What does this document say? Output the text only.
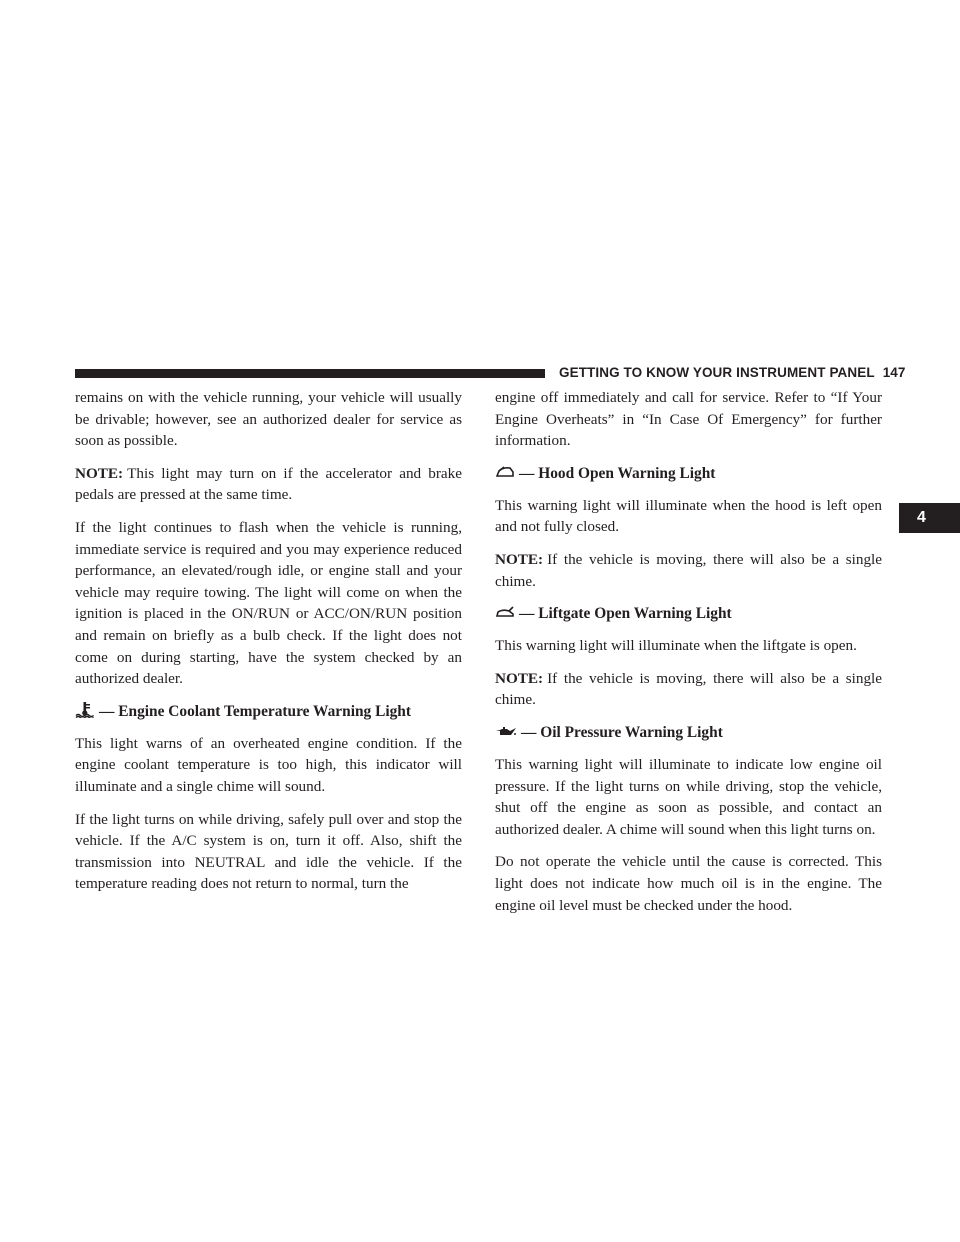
GETTING TO KNOW YOUR INSTRUMENT PANEL 147
4

remains on with the vehicle running, your vehicle will usually be drivable; however, see an authorized dealer for service as soon as possible.

NOTE: This light may turn on if the accelerator and brake pedals are pressed at the same time.

If the light continues to flash when the vehicle is running, immediate service is required and you may experience reduced performance, an elevated/rough idle, or engine stall and your vehicle may require towing. The light will come on when the ignition is placed in the ON/RUN or ACC/ON/RUN position and remain on briefly as a bulb check. If the light does not come on during starting, have the system checked by an authorized dealer.

— Engine Coolant Temperature Warning Light

This light warns of an overheated engine condition. If the engine coolant temperature is too high, this indicator will illuminate and a single chime will sound.

If the light turns on while driving, safely pull over and stop the vehicle. If the A/C system is on, turn it off. Also, shift the transmission into NEUTRAL and idle the vehicle. If the temperature reading does not return to normal, turn the

engine off immediately and call for service. Refer to “If Your Engine Overheats” in “In Case Of Emergency” for further information.

— Hood Open Warning Light

This warning light will illuminate when the hood is left open and not fully closed.

NOTE: If the vehicle is moving, there will also be a single chime.

— Liftgate Open Warning Light

This warning light will illuminate when the liftgate is open.

NOTE: If the vehicle is moving, there will also be a single chime.

— Oil Pressure Warning Light

This warning light will illuminate to indicate low engine oil pressure. If the light turns on while driving, stop the vehicle, shut off the engine as soon as possible, and contact an authorized dealer. A chime will sound when this light turns on.

Do not operate the vehicle until the cause is corrected. This light does not indicate how much oil is in the engine. The engine oil level must be checked under the hood.
